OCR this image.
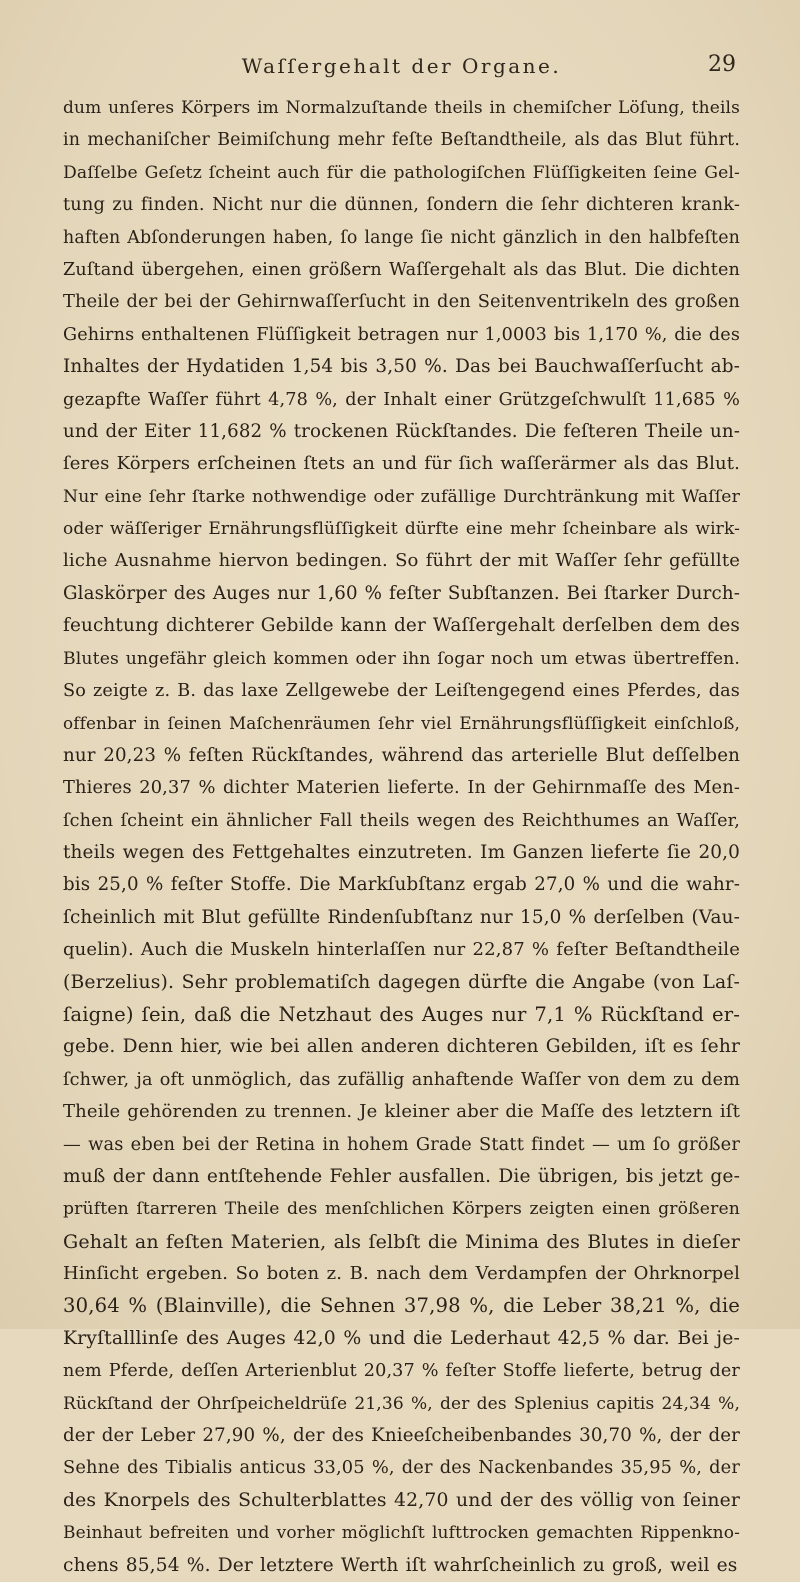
Waſſergehalt der Organe.	29
dum unſeres Körpers im Normalzuſtande theils in chemiſcher Löſung, theils
in mechaniſcher Beimiſchung mehr feſte Beſtandtheile, als das Blut führt.
Daſſelbe Geſetz ſcheint auch für die pathologiſchen Flüſſigkeiten ſeine Gel-
tung zu finden. Nicht nur die dünnen, ſondern die ſehr dichteren krank-
haften Abſonderungen haben, ſo lange ſie nicht gänzlich in den halbfeſten
Zuſtand übergehen, einen größern Waſſergehalt als das Blut. Die dichten
Theile der bei der Gehirnwaſſerſucht in den Seitenventrikeln des großen
Gehirns enthaltenen Flüſſigkeit betragen nur 1,0003 bis 1,170 %, die des
Inhaltes der Hydatiden 1,54 bis 3,50 %. Das bei Bauchwaſſerſucht ab-
gezapfte Waſſer führt 4,78 %, der Inhalt einer Grützgeſchwulſt 11,685 %
und der Eiter 11,682 % trockenen Rückſtandes. Die feſteren Theile un-
ſeres Körpers erſcheinen ſtets an und für ſich waſſerärmer als das Blut.
Nur eine ſehr ſtarke nothwendige oder zufällige Durchtränkung mit Waſſer
oder wäſſeriger Ernährungsflüſſigkeit dürfte eine mehr ſcheinbare als wirk-
liche Ausnahme hiervon bedingen. So führt der mit Waſſer ſehr gefüllte
Glaskörper des Auges nur 1,60 % feſter Subſtanzen. Bei ſtarker Durch-
feuchtung dichterer Gebilde kann der Waſſergehalt derſelben dem des
Blutes ungefähr gleich kommen oder ihn ſogar noch um etwas übertreffen.
So zeigte z. B. das laxe Zellgewebe der Leiſtengegend eines Pferdes, das
offenbar in ſeinen Maſchenräumen ſehr viel Ernährungsflüſſigkeit einſchloß,
nur 20,23 % feſten Rückſtandes, während das arterielle Blut deſſelben
Thieres 20,37 % dichter Materien lieferte. In der Gehirnmaſſe des Men-
ſchen ſcheint ein ähnlicher Fall theils wegen des Reichthumes an Waſſer,
theils wegen des Fettgehaltes einzutreten. Im Ganzen lieferte ſie 20,0
bis 25,0 % feſter Stoffe. Die Markſubſtanz ergab 27,0 % und die wahr-
ſcheinlich mit Blut gefüllte Rindenſubſtanz nur 15,0 % derſelben (Vau-
quelin). Auch die Muskeln hinterlaſſen nur 22,87 % feſter Beſtandtheile
(Berzelius). Sehr problematiſch dagegen dürfte die Angabe (von Laſ-
ſaigne) ſein, daß die Netzhaut des Auges nur 7,1 % Rückſtand er-
gebe. Denn hier, wie bei allen anderen dichteren Gebilden, iſt es ſehr
ſchwer, ja oft unmöglich, das zufällig anhaftende Waſſer von dem zu dem
Theile gehörenden zu trennen. Je kleiner aber die Maſſe des letztern iſt
— was eben bei der Retina in hohem Grade Statt findet — um ſo größer
muß der dann entſtehende Fehler ausfallen. Die übrigen, bis jetzt ge-
prüften ſtarreren Theile des menſchlichen Körpers zeigten einen größeren
Gehalt an feſten Materien, als ſelbſt die Minima des Blutes in dieſer
Hinſicht ergeben. So boten z. B. nach dem Verdampfen der Ohrknorpel
30,64 % (Blainville), die Sehnen 37,98 %, die Leber 38,21 %, die
Kryſtalllinſe des Auges 42,0 % und die Lederhaut 42,5 % dar. Bei je-
nem Pferde, deſſen Arterienblut 20,37 % feſter Stoffe lieferte, betrug der
Rückſtand der Ohrſpeicheldrüſe 21,36 %, der des Splenius capitis 24,34 %,
der der Leber 27,90 %, der des Knieeſcheibenbandes 30,70 %, der der
Sehne des Tibialis anticus 33,05 %, der des Nackenbandes 35,95 %, der
des Knorpels des Schulterblattes 42,70 und der des völlig von ſeiner
Beinhaut befreiten und vorher möglichſt lufttrocken gemachten Rippenkno-
chens 85,54 %. Der letztere Werth iſt wahrſcheinlich zu groß, weil es
